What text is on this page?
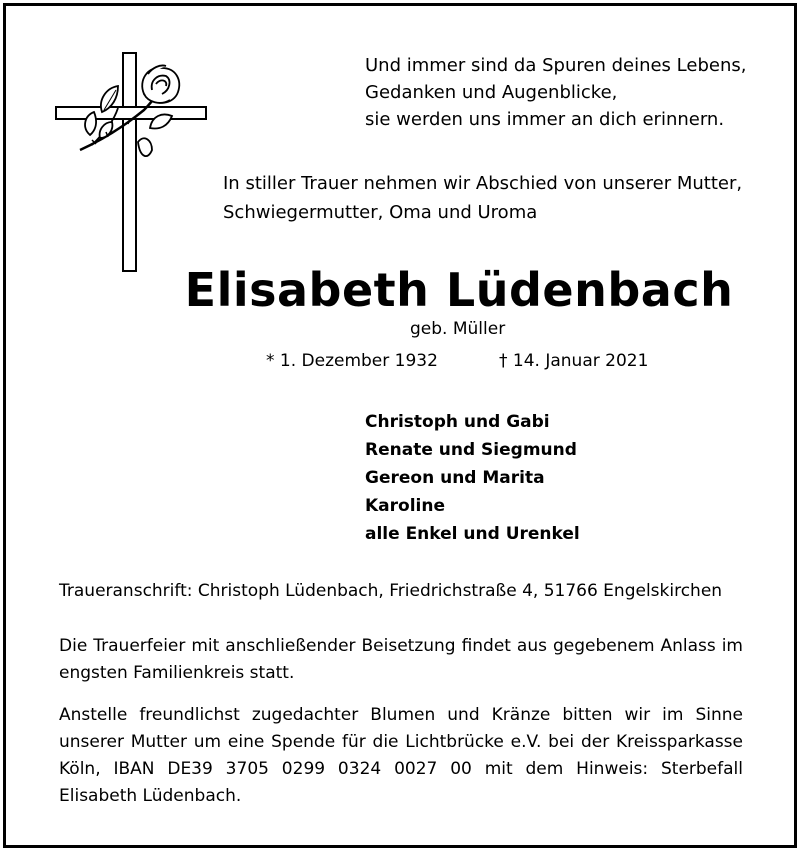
Und immer sind da Spuren deines Lebens,
Gedanken und Augenblicke,
sie werden uns immer an dich erinnern.
In stiller Trauer nehmen wir Abschied von unserer Mutter,
Schwiegermutter, Oma und Uroma
Elisabeth Lüdenbach
geb. Müller
* 1. Dezember 1932	† 14. Januar 2021
Christoph und Gabi
Renate und Siegmund
Gereon und Marita
Karoline
alle Enkel und Urenkel
Traueranschrift: Christoph Lüdenbach, Friedrichstraße 4, 51766 Engelskirchen
Die Trauerfeier mit anschließender Beisetzung findet aus gegebenem Anlass im engsten Familienkreis statt.
Anstelle freundlichst zugedachter Blumen und Kränze bitten wir im Sinne unserer Mutter um eine Spende für die Lichtbrücke e.V. bei der Kreissparkasse Köln, IBAN DE39 3705 0299 0324 0027 00 mit dem Hinweis: Sterbefall Elisabeth Lüdenbach.
